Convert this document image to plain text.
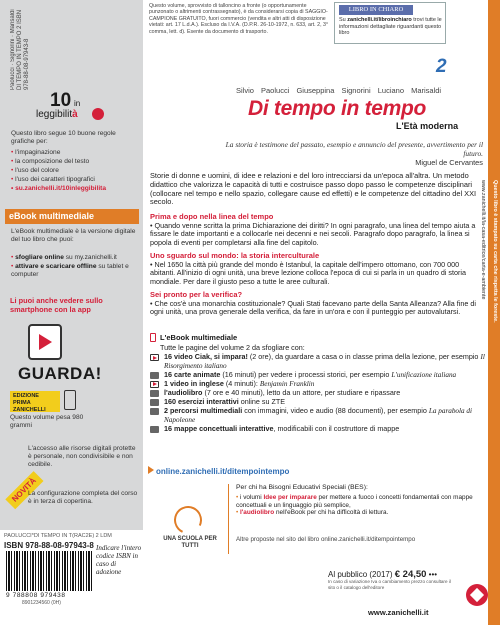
Paolucci · Signorini · Marisaldi DI TEMPO IN TEMPO 2 ISBN 978-88-08-97943-8
10 in
leggibilità
Questo libro segue 10 buone regole grafiche per:
• l'impaginazione
• la composizione del testo
• l'uso del colore
• l'uso dei caratteri tipografici
• su.zanichelli.it/10inleggibilita
eBook multimediale
L'eBook multimediale è la versione digitale del tuo libro che puoi:
• sfogliare online su my.zanichelli.it
• attivare e scaricare offline su tablet e computer
Li puoi anche vedere sullo smartphone con la app
GUARDA!
EDIZIONE PRIMA ZANICHELLI
Questo volume pesa 980 grammi
NOVITÀ
L'accesso alle risorse digitali protette è personale, non condivisibile e non cedibile.
La configurazione completa del corso è in terza di copertina.
PAOLUCCI*DI TEMPO IN T(RAC2E) 2 LDM
ISBN 978-88-08-97943-8
9 788808 979438
8901234560 (0H)
Indicare l'intero codice ISBN in caso di adozione
Questo volume, sprovvisto di talloncino a fronte (o opportunamente punzonato o altrimenti contrassegnato), è da considerarsi copia di SAGGIO-CAMPIONE GRATUITO, fuori commercio (vendita e altri atti di disposizione vietati: art. 17 L.d.A.). Escluso da I.V.A. (D.P.R. 26-10-1972, n. 633, art. 2, 3° comma, lett. d). Esente da documento di trasporto.
LIBRO IN CHIARO
Su zanichelli.it/libroinchiaro trovi tutte le informazioni dettagliate riguardanti questo libro
2
Silvio Paolucci Giuseppina Signorini Luciano Marisaldi
Di tempo in tempo
L'Età moderna
La storia è testimone del passato, esempio e annuncio del presente, avvertimento per il futuro.
Miguel de Cervantes
Storie di donne e uomini, di idee e relazioni e del loro intrecciarsi da un'epoca all'altra. Un metodo didattico che valorizza le capacità di tutti e costruisce passo dopo passo le competenze disciplinari (collocare nel tempo e nello spazio, collegare cause ed effetti) e le competenze del cittadino del XXI secolo.
Prima e dopo nella linea del tempo
• Quando venne scritta la prima Dichiarazione dei diritti? In ogni paragrafo, una linea del tempo aiuta a fissare le date importanti e a collocarle nei decenni e nei secoli. Paragrafo dopo paragrafo, la linea si popola di eventi per completarsi alla fine del capitolo.
Uno sguardo sul mondo: la storia interculturale
• Nel 1650 la città più grande del mondo è Istanbul, la capitale dell'impero ottomano, con 700 000 abitanti. All'inizio di ogni unità, una breve lezione colloca l'epoca di cui si parla in un quadro di storia mondiale. Per dare il giusto peso a tutte le aree culturali.
Sei pronto per la verifica?
• Che cos'è una monarchia costituzionale? Quali Stati facevano parte della Santa Alleanza? Alla fine di ogni unità, una prova generale della verifica, da fare in un'ora e con il punteggio per autovalutarsi.
L'eBook multimediale
Tutte le pagine del volume 2 da sfogliare con:
16 video Ciak, si impara! (2 ore), da guardare a casa o in classe prima della lezione, per esempio Il Risorgimento italiano
16 carte animate (16 minuti) per vedere i processi storici, per esempio L'unificazione italiana
1 video in inglese (4 minuti): Benjamin Franklin
l'audiolibro (7 ore e 40 minuti), letto da un attore, per studiare e ripassare
160 esercizi interattivi online su ZTE
2 percorsi multimediali con immagini, video e audio (88 documenti), per esempio La parabola di Napoleone
16 mappe concettuali interattive, modificabili con il costruttore di mappe
online.zanichelli.it/ditempointempo
UNA SCUOLA PER TUTTI
Per chi ha Bisogni Educativi Speciali (BES):
• i volumi Idee per imparare per mettere a fuoco i concetti fondamentali con mappe concettuali e un linguaggio più semplice,
• l'audiolibro nell'eBook per chi ha difficoltà di lettura.
Altre proposte nel sito del libro online.zanichelli.it/ditempointempo
Al pubblico (2017) € 24,50 •••
In caso di variazione Iva o cambiamento prezzo consultare il sito o il catalogo dell'editore
www.zanichelli.it
Questo libro è stampato su carta che rispetta le foreste.
www.zanichelli.it/la-casa-editrice/carta-e-ambiente
